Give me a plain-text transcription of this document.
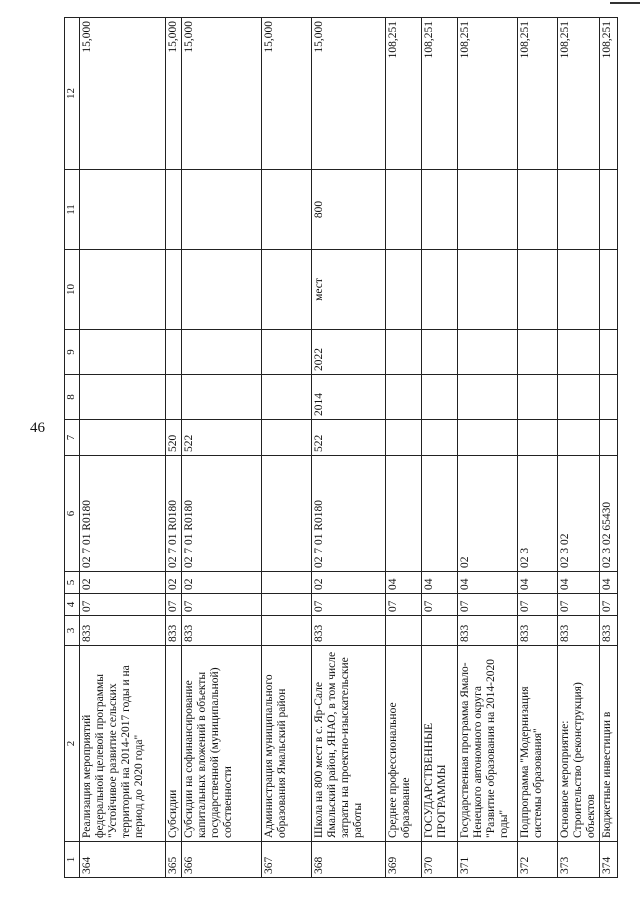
46
1	2	3	4	5	6	7	8	9	10	11	12
364	Реализация мероприятий федеральной целевой программы "Устойчивое развитие сельских территорий на 2014-2017 годы и на период до 2020 года"	833	07	02	02 7 01 R0180						15,000
365	Субсидии	833	07	02	02 7 01 R0180	520					15,000
366	Субсидии на софинансирование капитальных вложений в объекты государственной (муниципальной) собственности	833	07	02	02 7 01 R0180	522					15,000
367	Администрация муниципального образования Ямальский район										15,000
368	Школа на 800 мест в с. Яр-Сале Ямальский район, ЯНАО, в том числе затраты на проектно-изыскательские работы	833	07	02	02 7 01 R0180	522	2014	2022	мест	800	15,000
369	Среднее профессиональное образование		07	04							108,251
370	ГОСУДАРСТВЕННЫЕ ПРОГРАММЫ		07	04							108,251
371	Государственная программа Ямало-Ненецкого автономного округа "Развитие образования на 2014-2020 годы"	833	07	04	02						108,251
372	Подпрограмма "Модернизация системы образования"	833	07	04	02 3						108,251
373	Основное мероприятие: Строительство (реконструкция) объектов	833	07	04	02 3 02						108,251
374	Бюджетные инвестиции в	833	07	04	02 3 02 65430						108,251
